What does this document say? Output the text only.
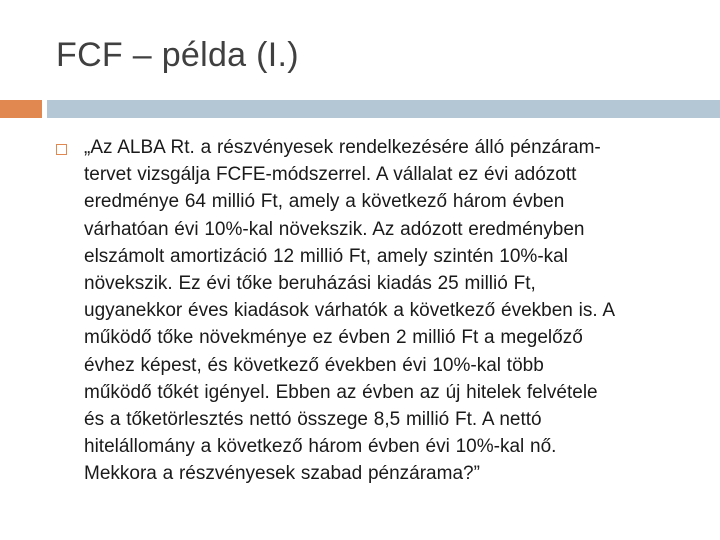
FCF – példa (I.)
„Az ALBA Rt. a részvényesek rendelkezésére álló pénzáram-
tervet vizsgálja FCFE-módszerrel. A vállalat ez évi adózott
eredménye 64 millió Ft, amely a következő három évben
várhatóan évi 10%-kal növekszik. Az adózott eredményben
elszámolt amortizáció 12 millió Ft, amely szintén 10%-kal
növekszik. Ez évi tőke beruházási kiadás 25 millió Ft,
ugyanekkor éves kiadások várhatók a következő években is. A
működő tőke növekménye ez évben 2 millió Ft a megelőző
évhez képest, és következő években évi 10%-kal több
működő tőkét igényel. Ebben az évben az új hitelek felvétele
és a tőketörlesztés nettó összege 8,5 millió Ft. A nettó
hitelállomány a következő három évben évi 10%-kal nő.
Mekkora a részvényesek szabad pénzárama?”
